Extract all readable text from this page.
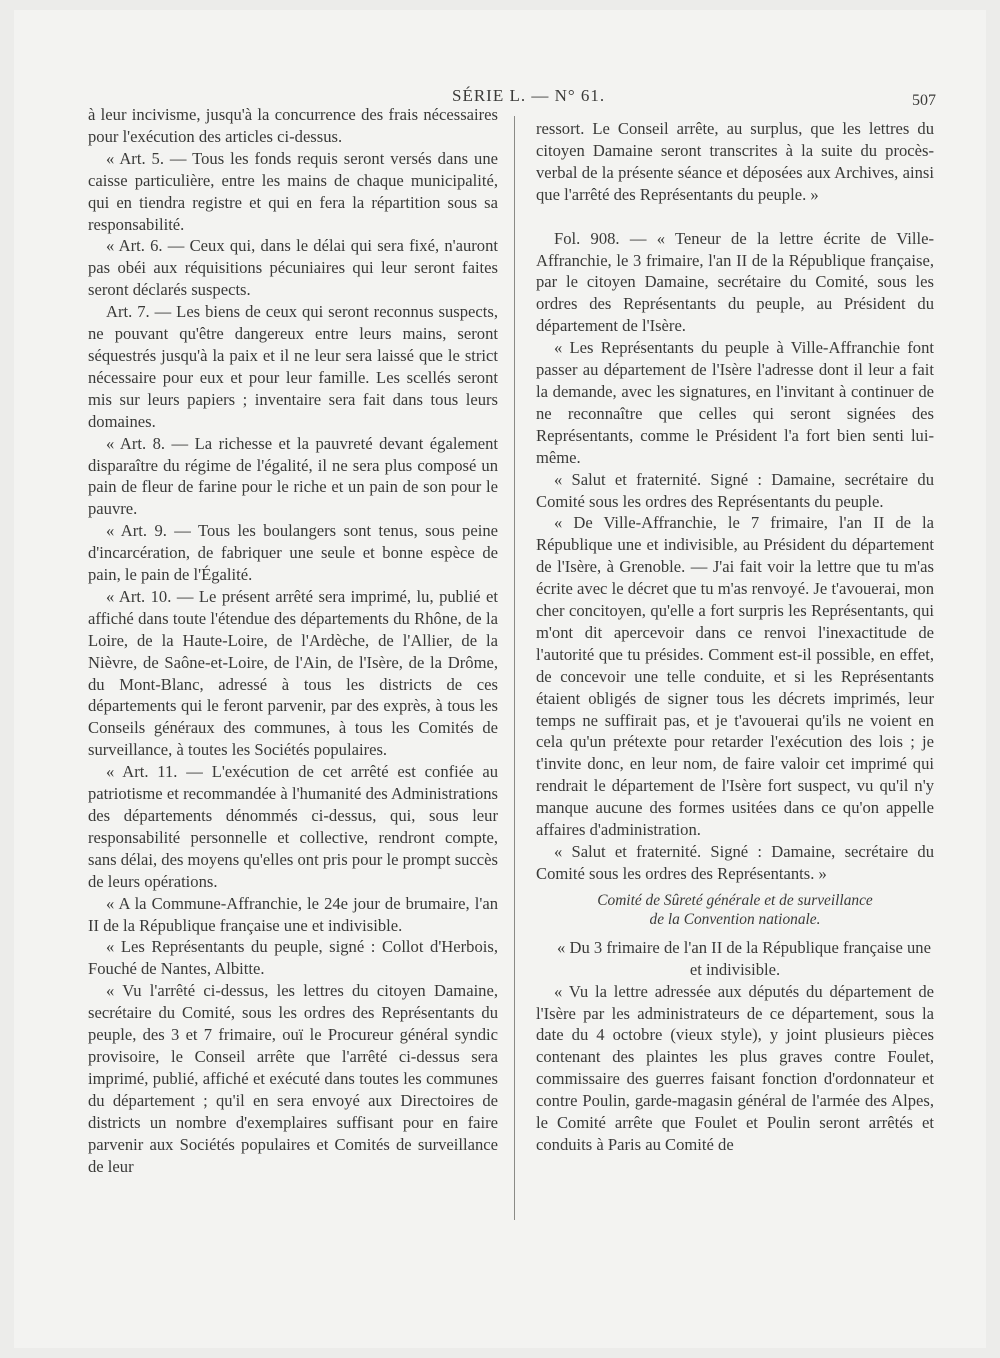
SÉRIE L. — N° 61.	507

à leur incivisme, jusqu'à la concurrence des frais nécessaires pour l'exécution des articles ci-dessus.

« Art. 5. — Tous les fonds requis seront versés dans une caisse particulière, entre les mains de chaque municipalité, qui en tiendra registre et qui en fera la répartition sous sa responsabilité.

« Art. 6. — Ceux qui, dans le délai qui sera fixé, n'auront pas obéi aux réquisitions pécuniaires qui leur seront faites seront déclarés suspects.

Art. 7. — Les biens de ceux qui seront reconnus suspects, ne pouvant qu'être dangereux entre leurs mains, seront séquestrés jusqu'à la paix et il ne leur sera laissé que le strict nécessaire pour eux et pour leur famille. Les scellés seront mis sur leurs papiers ; inventaire sera fait dans tous leurs domaines.

« Art. 8. — La richesse et la pauvreté devant également disparaître du régime de l'égalité, il ne sera plus composé un pain de fleur de farine pour le riche et un pain de son pour le pauvre.

« Art. 9. — Tous les boulangers sont tenus, sous peine d'incarcération, de fabriquer une seule et bonne espèce de pain, le pain de l'Égalité.

« Art. 10. — Le présent arrêté sera imprimé, lu, publié et affiché dans toute l'étendue des départements du Rhône, de la Loire, de la Haute-Loire, de l'Ardèche, de l'Allier, de la Nièvre, de Saône-et-Loire, de l'Ain, de l'Isère, de la Drôme, du Mont-Blanc, adressé à tous les districts de ces départements qui le feront parvenir, par des exprès, à tous les Conseils généraux des communes, à tous les Comités de surveillance, à toutes les Sociétés populaires.

« Art. 11. — L'exécution de cet arrêté est confiée au patriotisme et recommandée à l'humanité des Administrations des départements dénommés ci-dessus, qui, sous leur responsabilité personnelle et collective, rendront compte, sans délai, des moyens qu'elles ont pris pour le prompt succès de leurs opérations.

« A la Commune-Affranchie, le 24e jour de brumaire, l'an II de la République française une et indivisible.

« Les Représentants du peuple, signé : Collot d'Herbois, Fouché de Nantes, Albitte.

« Vu l'arrêté ci-dessus, les lettres du citoyen Damaine, secrétaire du Comité, sous les ordres des Représentants du peuple, des 3 et 7 frimaire, ouï le Procureur général syndic provisoire, le Conseil arrête que l'arrêté ci-dessus sera imprimé, publié, affiché et exécuté dans toutes les communes du département ; qu'il en sera envoyé aux Directoires de districts un nombre d'exemplaires suffisant pour en faire parvenir aux Sociétés populaires et Comités de surveillance de leur

ressort. Le Conseil arrête, au surplus, que les lettres du citoyen Damaine seront transcrites à la suite du procès-verbal de la présente séance et déposées aux Archives, ainsi que l'arrêté des Représentants du peuple. »

Fol. 908. — « Teneur de la lettre écrite de Ville-Affranchie, le 3 frimaire, l'an II de la République française, par le citoyen Damaine, secrétaire du Comité, sous les ordres des Représentants du peuple, au Président du département de l'Isère.

« Les Représentants du peuple à Ville-Affranchie font passer au département de l'Isère l'adresse dont il leur a fait la demande, avec les signatures, en l'invitant à continuer de ne reconnaître que celles qui seront signées des Représentants, comme le Président l'a fort bien senti lui-même.

« Salut et fraternité. Signé : Damaine, secrétaire du Comité sous les ordres des Représentants du peuple.

« De Ville-Affranchie, le 7 frimaire, l'an II de la République une et indivisible, au Président du département de l'Isère, à Grenoble. — J'ai fait voir la lettre que tu m'as écrite avec le décret que tu m'as renvoyé. Je t'avouerai, mon cher concitoyen, qu'elle a fort surpris les Représentants, qui m'ont dit apercevoir dans ce renvoi l'inexactitude de l'autorité que tu présides. Comment est-il possible, en effet, de concevoir une telle conduite, et si les Représentants étaient obligés de signer tous les décrets imprimés, leur temps ne suffirait pas, et je t'avouerai qu'ils ne voient en cela qu'un prétexte pour retarder l'exécution des lois ; je t'invite donc, en leur nom, de faire valoir cet imprimé qui rendrait le département de l'Isère fort suspect, vu qu'il n'y manque aucune des formes usitées dans ce qu'on appelle affaires d'administration.

« Salut et fraternité. Signé : Damaine, secrétaire du Comité sous les ordres des Représentants. »

Comité de Sûreté générale et de surveillance
de la Convention nationale.

« Du 3 frimaire de l'an II de la République française une et indivisible.

« Vu la lettre adressée aux députés du département de l'Isère par les administrateurs de ce département, sous la date du 4 octobre (vieux style), y joint plusieurs pièces contenant des plaintes les plus graves contre Foulet, commissaire des guerres faisant fonction d'ordonnateur et contre Poulin, garde-magasin général de l'armée des Alpes, le Comité arrête que Foulet et Poulin seront arrêtés et conduits à Paris au Comité de
